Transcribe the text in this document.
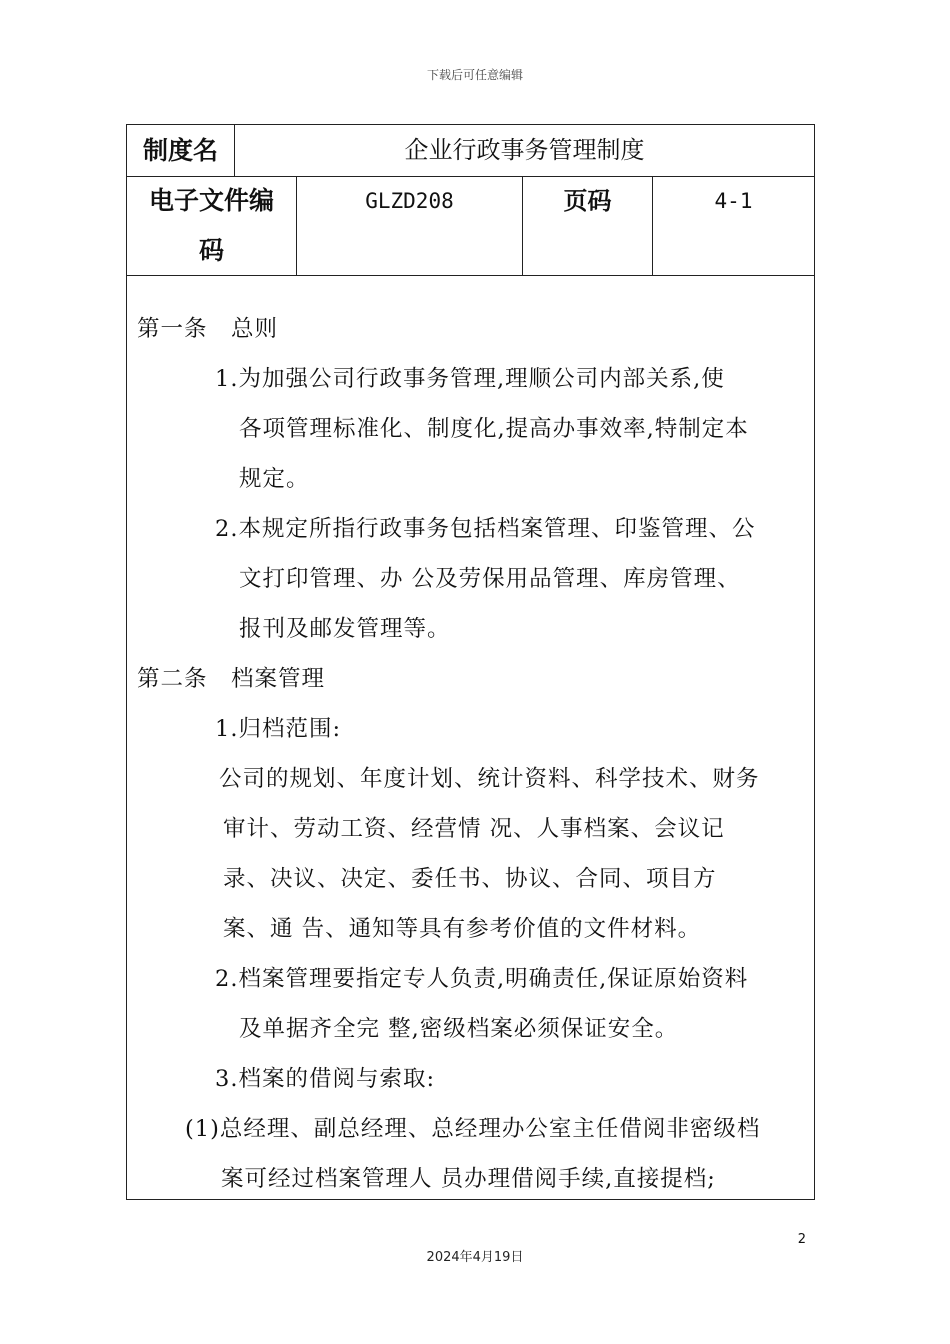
下载后可任意编辑
制度名	企业行政事务管理制度
电子文件编
码
GLZD208	页码	4-1
第一条　总则
1.为加强公司行政事务管理,理顺公司内部关系,使
各项管理标准化、制度化,提高办事效率,特制定本
规定。
2.本规定所指行政事务包括档案管理、印鉴管理、公
文打印管理、办 公及劳保用品管理、库房管理、
报刊及邮发管理等。
第二条　档案管理
1.归档范围:
公司的规划、年度计划、统计资料、科学技术、财务
审计、劳动工资、经营情 况、人事档案、会议记
录、决议、决定、委任书、协议、合同、项目方
案、通 告、通知等具有参考价值的文件材料。
2.档案管理要指定专人负责,明确责任,保证原始资料
及单据齐全完 整,密级档案必须保证安全。
3.档案的借阅与索取:
(1)总经理、副总经理、总经理办公室主任借阅非密级档
案可经过档案管理人 员办理借阅手续,直接提档;
2
2024年4月19日
